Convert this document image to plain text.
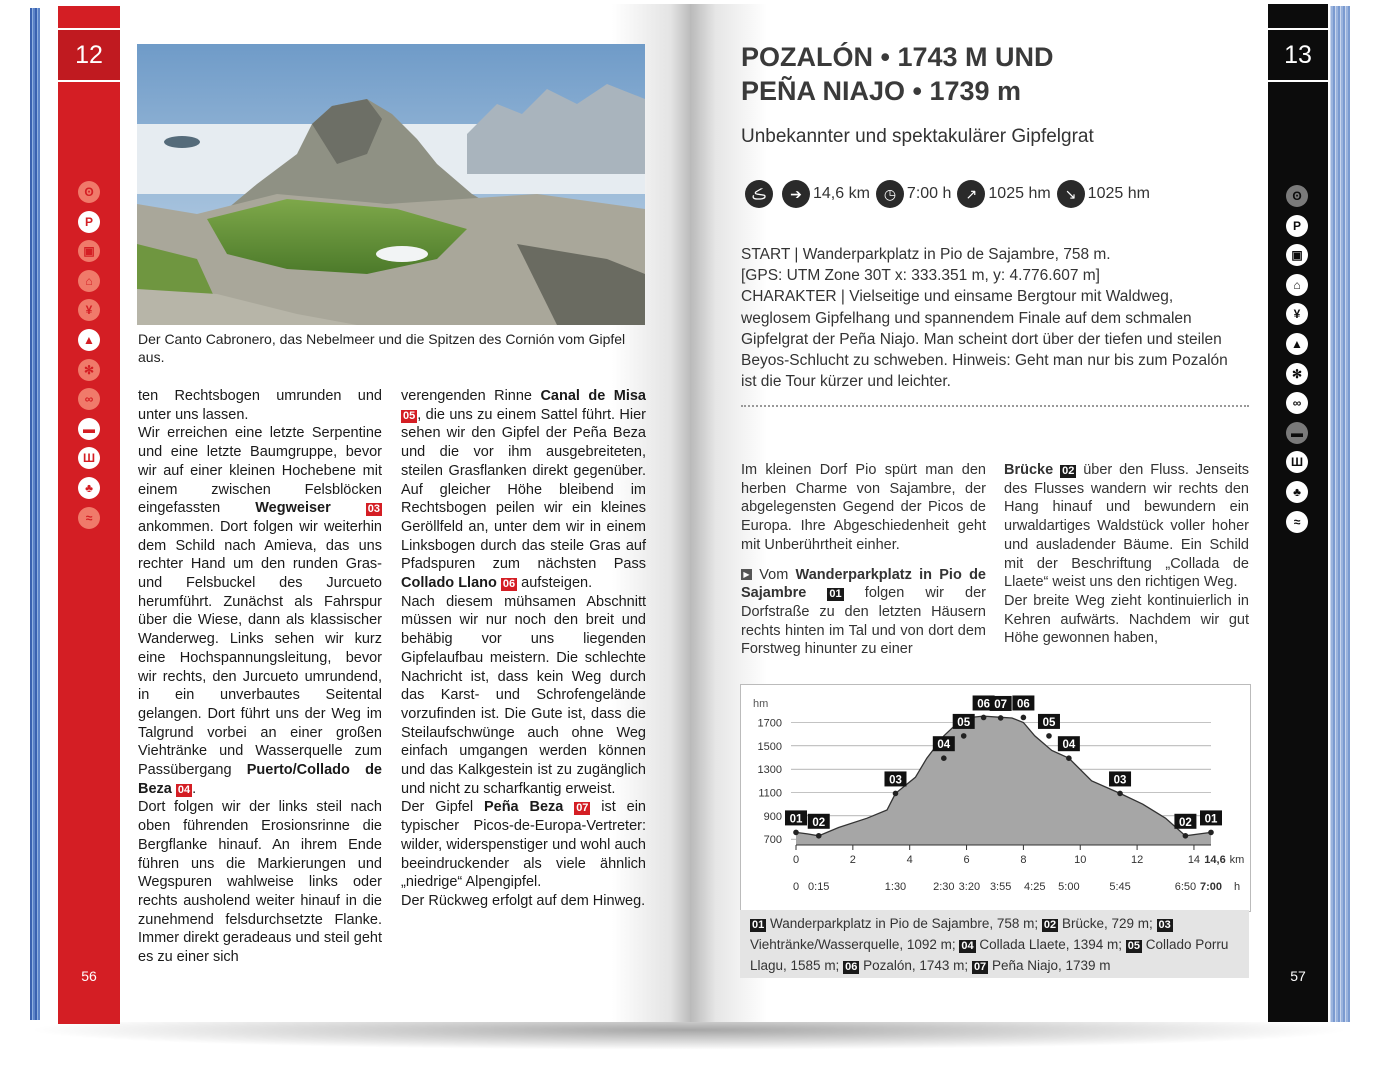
12
ʘ
P
▣
⌂
¥
▲
✻
∞
▬
Ш
♣
≈
56
Der Canto Cabronero, das Nebelmeer und die Spitzen des Cornión vom Gipfel aus.

ten Rechtsbogen umrunden und unter uns lassen.

Wir erreichen eine letzte Serpentine und eine letzte Baumgruppe, bevor wir auf einer kleinen Hochebene mit einem zwischen Felsblöcken eingefassten Wegweiser	03 ankommen. Dort folgen wir weiterhin dem Schild nach Amieva, das uns rechter Hand um den runden Gras- und Felsbuckel des Jurcueto herumführt. Zunächst als Fahrspur über die Wiese, dann als klassischer Wanderweg. Links sehen wir kurz eine Hochspannungsleitung, bevor wir rechts, den Jurcueto umrundend, in ein unverbautes Seitental gelangen. Dort führt uns der Weg im Talgrund vorbei an einer großen Viehtränke und Wasserquelle zum Passübergang Puerto/Collado de Beza 04 .

Dort folgen wir der links steil nach oben führenden Erosionsrinne die Bergflanke hinauf. An ihrem Ende führen uns die Markierungen und Wegspuren wahlweise links oder rechts ausholend weiter hinauf in die zunehmend felsdurchsetzte Flanke. Immer direkt geradeaus und steil geht es zu einer sich

verengenden Rinne Canal de Misa 05 , die uns zu einem Sattel führt. Hier sehen wir den Gipfel der Peña Beza und die vor ihm ausgebreiteten, steilen Grasflanken direkt gegenüber. Auf gleicher Höhe bleibend im Rechtsbogen peilen wir ein kleines Geröllfeld an, unter dem wir in einem Linksbogen durch das steile Gras auf Pfadspuren zum nächsten Pass Collado Llano 06 aufsteigen.

Nach diesem mühsamen Abschnitt müssen wir nur noch den breit und behäbig vor uns liegenden Gipfelaufbau meistern. Die schlechte Nachricht ist, dass kein Weg durch das Karst- und Schrofengelände vorzufinden ist. Die Gute ist, dass die Steilaufschwünge auch ohne Weg einfach umgangen werden können und das Kalkgestein ist zu zugänglich und nicht zu scharfkantig erweist.

Der Gipfel Peña Beza 07 ist ein typischer Picos-de-Europa-Vertreter: wilder, widerspenstiger und wohl auch beeindruckender als viele ähnlich „niedrige“ Alpengipfel.

Der Rückweg erfolgt auf dem Hinweg.

13
ʘ
P
▣
⌂
¥
▲
✻
∞
▬
Ш
♣
≈
57
POZALÓN • 1743 M UND
PEÑA NIAJO • 1739 m
Unbekannter und spektakulärer Gipfelgrat
ڪ	➔ 14,6 km ◷ 7:00 h	↗ 1025 hm	↘ 1025 hm
START | Wanderparkplatz in Pio de Sajambre, 758 m.
[GPS: UTM Zone 30T x: 333.351 m, y: 4.776.607 m]
CHARAKTER | Vielseitige und einsame Bergtour mit Waldweg, weglosem Gipfelhang und spannendem Finale auf dem schmalen Gipfelgrat der Peña Niajo. Man scheint dort über der tiefen und steilen Beyos-Schlucht zu schweben. Hinweis: Geht man nur bis zum Pozalón ist die Tour kürzer und leichter.

Im kleinen Dorf Pio spürt man den herben Charme von Sajambre, der abgelegensten Gegend der Picos de Europa. Ihre Abgeschiedenheit geht mit Unberührtheit einher.

▶ Vom Wanderparkplatz in Pio de Sajambre 01 folgen wir der Dorfstraße zu den letzten Häusern rechts hinten im Tal und von dort dem Forstweg hinunter zu einer

Brücke 02 über den Fluss. Jenseits des Flusses wandern wir rechts den Hang hinauf und bewundern ein urwaldartiges Waldstück voller hoher und ausladender Bäume. Ein Schild mit der Beschriftung „Collada de Llaete“ weist uns den richtigen Weg.

Der breite Weg zieht kontinuierlich in Kehren aufwärts. Nachdem wir gut Höhe gewonnen haben,

hm
700
900
1100
1300
1500
1700
0	2	4	6	8	10	12	14 14,6 km
0 0:15	1:30 2:30 3:20 3:55 4:25 5:00	5:45	6:50 7:00 h
01 02
03
04
05
06 07 06
05
04
03
02 01
01 Wanderparkplatz in Pio de Sajambre, 758 m; 02 Brücke, 729 m; 03 Viehtränke/Wasserquelle, 1092 m; 04 Collada Llaete, 1394 m; 05 Collado Porru Llagu, 1585 m; 06 Pozalón, 1743 m; 07 Peña Niajo, 1739 m
